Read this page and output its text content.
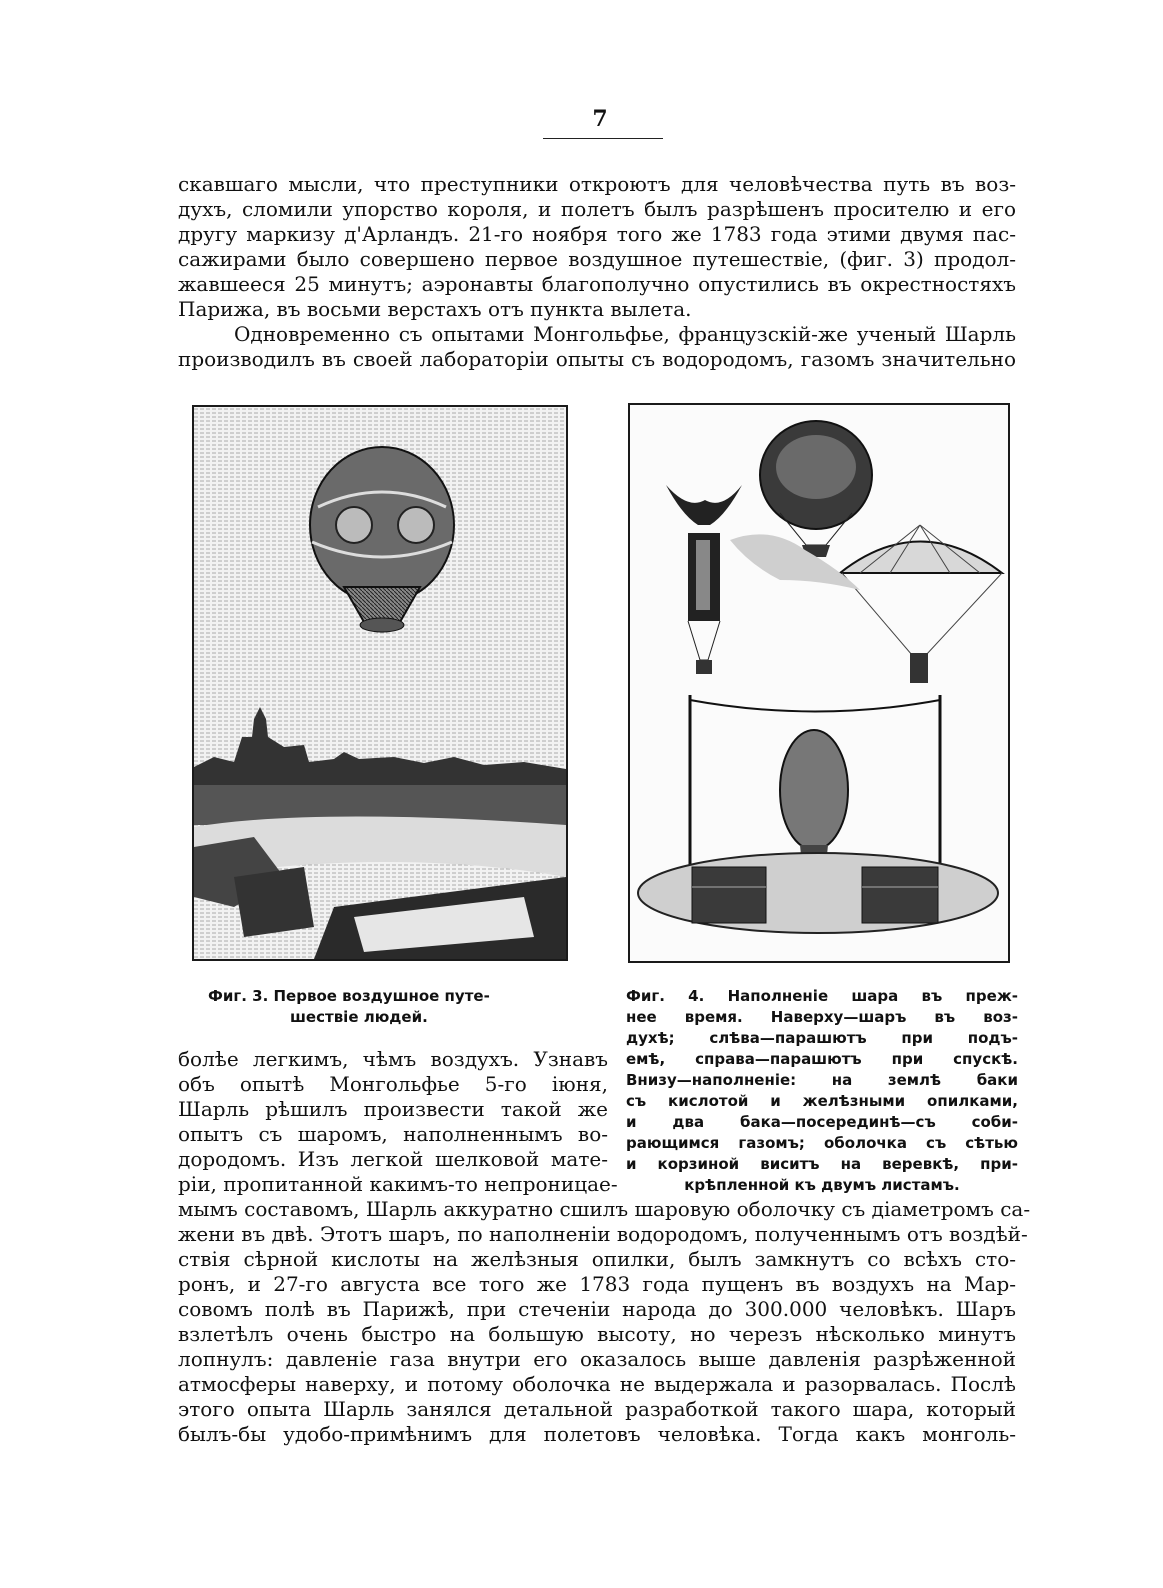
7
скавшаго мысли, что преступники откроютъ для человѣчества путь въ воз-
духъ, сломили упорство короля, и полетъ былъ разрѣшенъ просителю и его
другу маркизу д'Арландъ. 21-го ноября того же 1783 года этими двумя пас-
сажирами было совершено первое воздушное путешествіе, (фиг. 3) продол-
жавшееся 25 минутъ; аэронавты благополучно опустились въ окрестностяхъ
Парижа, въ восьми верстахъ отъ пункта вылета.
Одновременно съ опытами Монгольфье, французскій-же ученый Шарль
производилъ въ своей лабораторіи опыты съ водородомъ, газомъ значительно
Фиг. 3. Первое воздушное путе-
шествіе людей.
Фиг. 4. Наполненіе шара въ преж-
нее время. Наверху—шаръ въ воз-
духѣ; слѣва—парашютъ при подъ-
емѣ, справа—парашютъ при спускѣ.
Внизу—наполненіе: на землѣ баки
съ кислотой и желѣзными опилками,
и два бака—посерединѣ—съ соби-
рающимся газомъ; оболочка съ сѣтью
и корзиной виситъ на веревкѣ, при-
крѣпленной къ двумъ листамъ.
болѣе легкимъ, чѣмъ воздухъ. Узнавъ
объ опытѣ Монгольфье 5-го іюня,
Шарль рѣшилъ произвести такой же
опытъ съ шаромъ, наполненнымъ во-
дородомъ. Изъ легкой шелковой мате-
ріи, пропитанной какимъ-то непроницае-
мымъ составомъ, Шарль аккуратно сшилъ шаровую оболочку съ діаметромъ са-
жени въ двѣ. Этотъ шаръ, по наполненіи водородомъ, полученнымъ отъ воздѣй-
ствія сѣрной кислоты на желѣзныя опилки, былъ замкнутъ со всѣхъ сто-
ронъ, и 27-го августа все того же 1783 года пущенъ въ воздухъ на Мар-
совомъ полѣ въ Парижѣ, при стеченіи народа до 300.000 человѣкъ. Шаръ
взлетѣлъ очень быстро на большую высоту, но черезъ нѣсколько минутъ
лопнулъ: давленіе газа внутри его оказалось выше давленія разрѣженной
атмосферы наверху, и потому оболочка не выдержала и разорвалась. Послѣ
этого опыта Шарль занялся детальной разработкой такого шара, который
былъ-бы удобо-примѣнимъ для полетовъ человѣка. Тогда какъ монголь-
